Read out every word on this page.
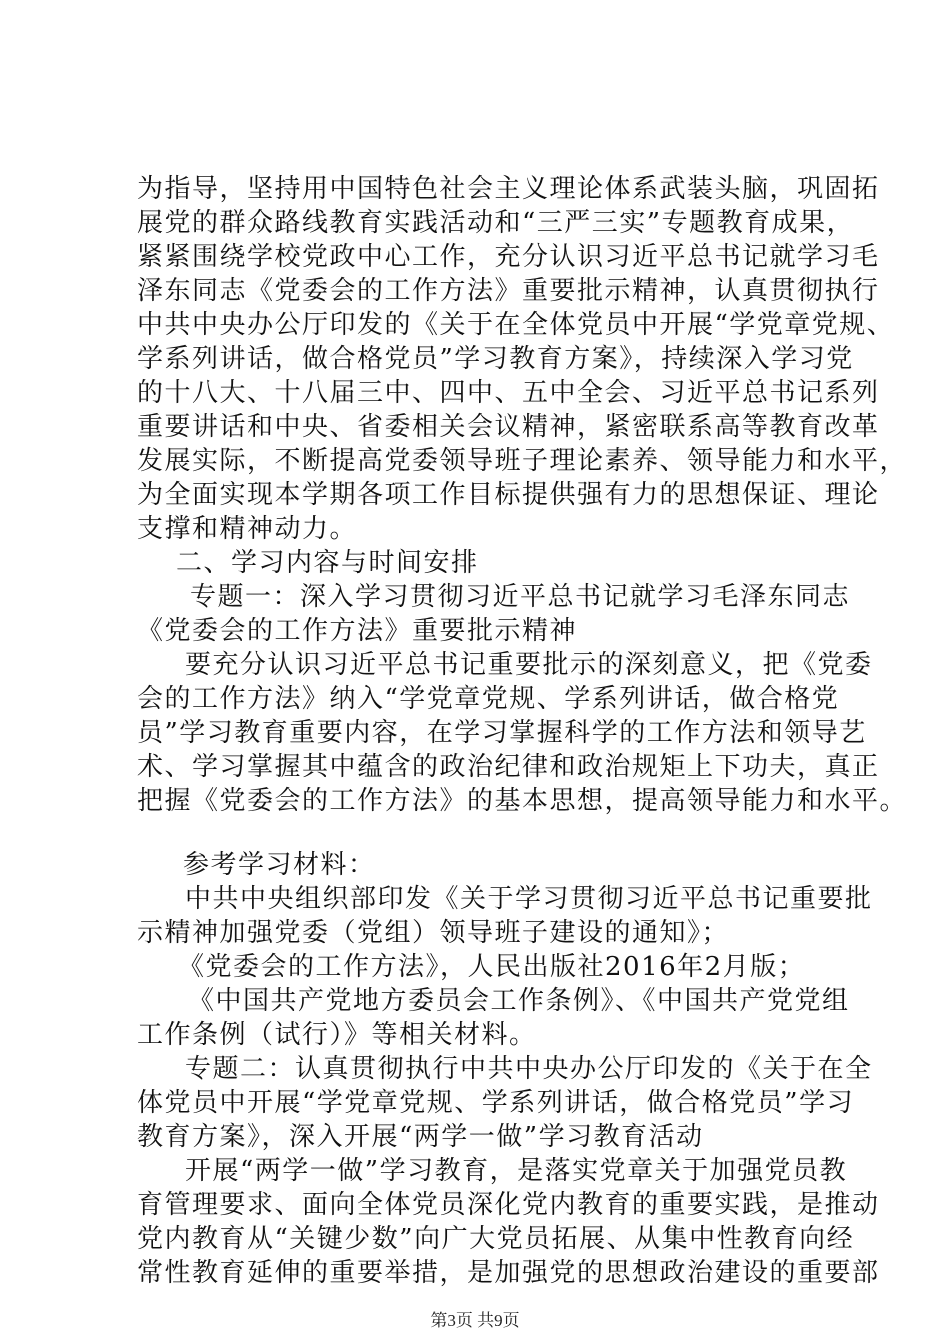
为指导，坚持用中国特色社会主义理论体系武装头脑，巩固拓
展党的群众路线教育实践活动和“三严三实”专题教育成果，
紧紧围绕学校党政中心工作，充分认识习近平总书记就学习毛
泽东同志《党委会的工作方法》重要批示精神，认真贯彻执行
中共中央办公厅印发的《关于在全体党员中开展“学党章党规、
学系列讲话，做合格党员”学习教育方案》，持续深入学习党
的十八大、十八届三中、四中、五中全会、习近平总书记系列
重要讲话和中央、省委相关会议精神，紧密联系高等教育改革
发展实际，不断提高党委领导班子理论素养、领导能力和水平，
为全面实现本学期各项工作目标提供强有力的思想保证、理论
支撑和精神动力。
二、学习内容与时间安排
专题一：深入学习贯彻习近平总书记就学习毛泽东同志
《党委会的工作方法》重要批示精神
要充分认识习近平总书记重要批示的深刻意义，把《党委
会的工作方法》纳入“学党章党规、学系列讲话，做合格党
员”学习教育重要内容，在学习掌握科学的工作方法和领导艺
术、学习掌握其中蕴含的政治纪律和政治规矩上下功夫，真正
把握《党委会的工作方法》的基本思想，提高领导能力和水平。
参考学习材料：
中共中央组织部印发《关于学习贯彻习近平总书记重要批
示精神加强党委（党组）领导班子建设的通知》；
《党委会的工作方法》，人民出版社2016年2月版；
《中国共产党地方委员会工作条例》、《中国共产党党组
工作条例（试行）》等相关材料。
专题二：认真贯彻执行中共中央办公厅印发的《关于在全
体党员中开展“学党章党规、学系列讲话，做合格党员”学习
教育方案》，深入开展“两学一做”学习教育活动
开展“两学一做”学习教育，是落实党章关于加强党员教
育管理要求、面向全体党员深化党内教育的重要实践，是推动
党内教育从“关键少数”向广大党员拓展、从集中性教育向经
常性教育延伸的重要举措，是加强党的思想政治建设的重要部
第3页 共9页
